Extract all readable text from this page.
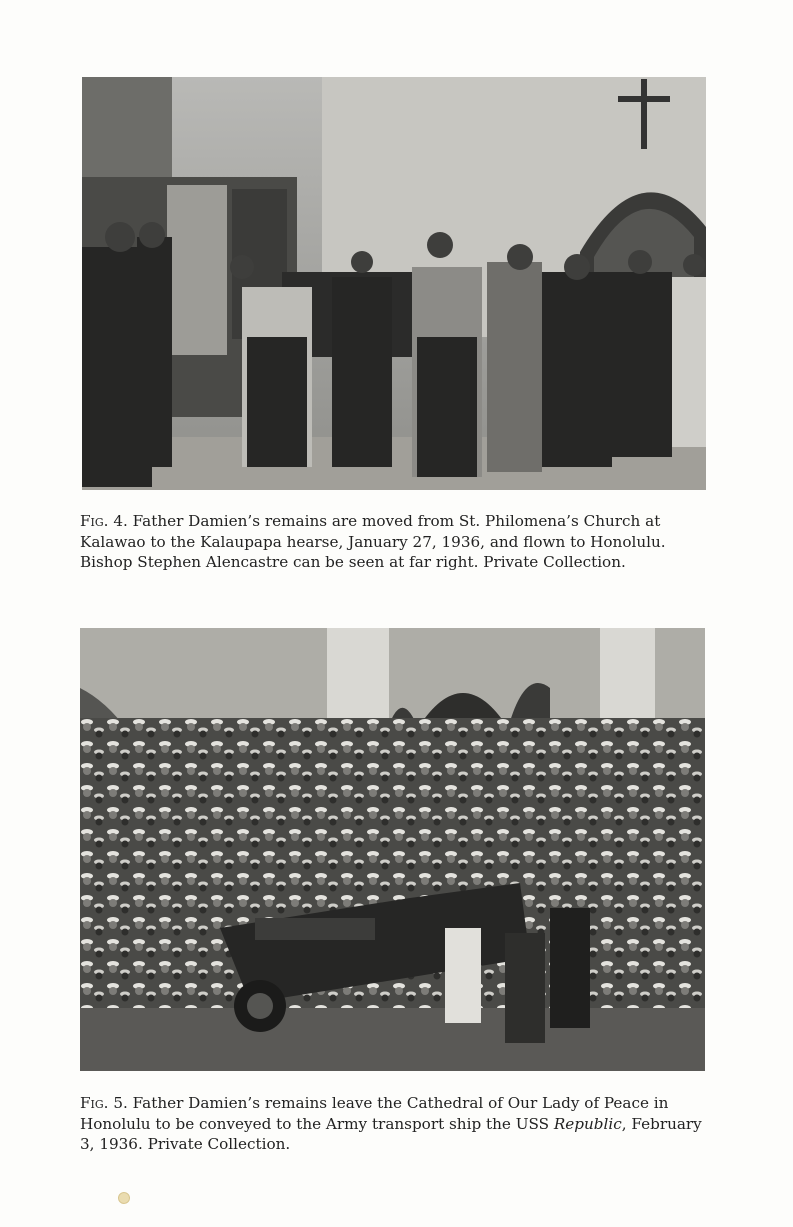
Fig. 4. Father Damien’s remains are moved from St. Philomena’s Church at Kalawao to the Kalaupapa hearse, January 27, 1936, and flown to Honolulu. Bishop Stephen Alencastre can be seen at far right. Private Collection.
Fig. 5. Father Damien’s remains leave the Cathedral of Our Lady of Peace in Honolulu to be conveyed to the Army transport ship the USS Republic, February 3, 1936. Private Collection.
